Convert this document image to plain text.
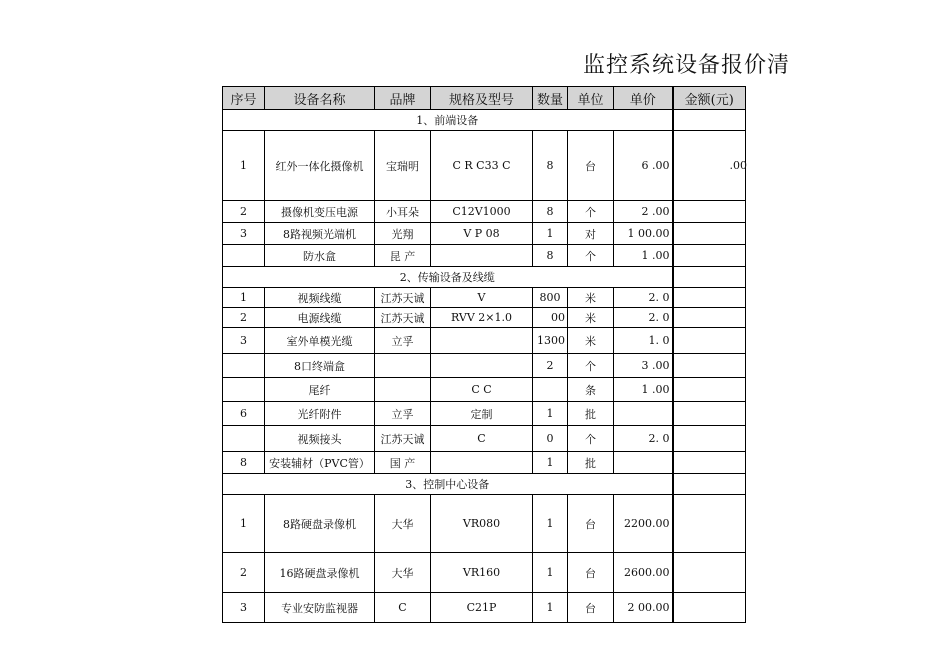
监控系统设备报价清
序号	设备名称	品牌	规格及型号	数量	单位	单价	金额(元)
1、前端设备							
1	红外一体化摄像机	宝瑞明	C R C33 C	8	台	6 .00	.00

2	摄像机变压电源	小耳朵	C12V1000	8	个	2 .00	
3	8路视频光端机	光翔	V P 08	1	对	1 00.00	
	防水盒	昆 产		8	个	1 .00	
2、传输设备及线缆							
1	视频线缆	江苏天诚	V	800	米	2. 0	
2	电源线缆	江苏天诚	RVV 2×1.0	00	米	2. 0	
3	室外单模光缆	立孚		1300	米	1. 0	
	8口终端盒			2	个	3 .00	
	尾纤		C C		条	1 .00	
6	光纤附件	立孚	定制	1	批		
	视频接头	江苏天诚	C	0	个	2. 0	
8	安装辅材（PVC管）	国 产		1	批		
3、控制中心设备							
1	8路硬盘录像机	大华	VR080	1	台	2200.00	
2	16路硬盘录像机	大华	VR160	1	台	2600.00	
3	专业安防监视器	C	C21P	1	台	2 00.00	
